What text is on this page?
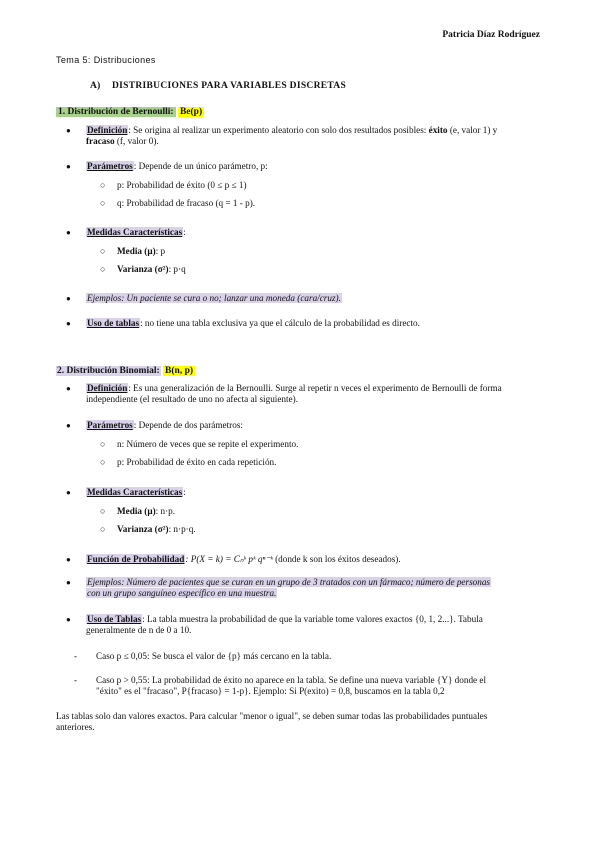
Patricia Díaz Rodríguez
Tema 5: Distribuciones
A) DISTRIBUCIONES PARA VARIABLES DISCRETAS
1. Distribución de Bernoulli: Be(p)
● Definición: Se origina al realizar un experimento aleatorio con solo dos resultados posibles: éxito (e, valor 1) y
fracaso (f, valor 0).
● Parámetros: Depende de un único parámetro, p:
○ p: Probabilidad de éxito (0 ≤ p ≤ 1)
○ q: Probabilidad de fracaso (q = 1 - p).
● Medidas Características:
○ Media (μ): p
○ Varianza (σ²): p·q
● Ejemplos: Un paciente se cura o no; lanzar una moneda (cara/cruz).
● Uso de tablas: no tiene una tabla exclusiva ya que el cálculo de la probabilidad es directo.
2. Distribución Binomial: B(n, p)
● Definición: Es una generalización de la Bernoulli. Surge al repetir n veces el experimento de Bernoulli de forma
independiente (el resultado de uno no afecta al siguiente).
● Parámetros: Depende de dos parámetros:
○ n: Número de veces que se repite el experimento.
○ p: Probabilidad de éxito en cada repetición.
● Medidas Características:
○ Media (μ): n·p.
○ Varianza (σ²): n·p·q.
● Función de Probabilidad: P(X = k) = Cₙᵏ pᵏ qⁿ⁻ᵏ (donde k son los éxitos deseados).
● Ejemplos: Número de pacientes que se curan en un grupo de 3 tratados con un fármaco; número de personas
con un grupo sanguíneo específico en una muestra.
● Uso de Tablas: La tabla muestra la probabilidad de que la variable tome valores exactos {0, 1, 2...}. Tabula
generalmente de n de 0 a 10.
- Caso p ≤ 0,05: Se busca el valor de {p} más cercano en la tabla.
- Caso p > 0,55: La probabilidad de éxito no aparece en la tabla. Se define una nueva variable {Y} donde el
"éxito" es el "fracaso", P{fracaso} = 1-p}. Ejemplo: Si P(exito) = 0,8, buscamos en la tabla 0,2
Las tablas solo dan valores exactos. Para calcular "menor o igual", se deben sumar todas las probabilidades puntuales
anteriores.
